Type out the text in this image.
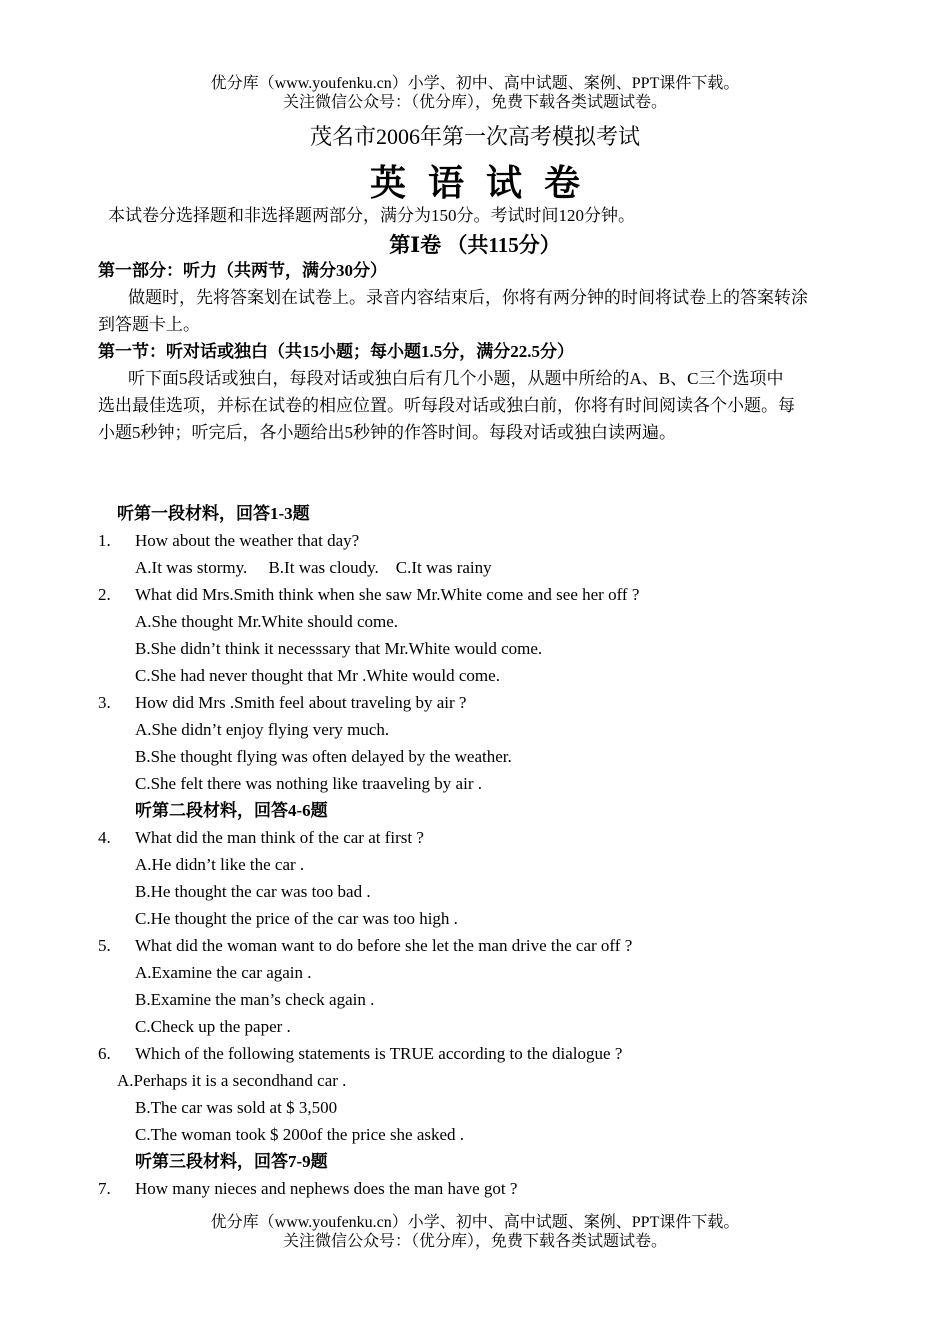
优分库（www.youfenku.cn）小学、初中、高中试题、案例、PPT课件下载。
关注微信公众号：（优分库），免费下载各类试题试卷。
茂名市2006年第一次高考模拟考试
英语试卷
本试卷分选择题和非选择题两部分，满分为150分。考试时间120分钟。
第Ⅰ卷 （共115分）
第一部分：听力（共两节，满分30分）
做题时，先将答案划在试卷上。录音内容结束后，你将有两分钟的时间将试卷上的答案转涂
到答题卡上。
第一节：听对话或独白（共15小题；每小题1.5分，满分22.5分）
听下面5段话或独白，每段对话或独白后有几个小题，从题中所给的A、B、C三个选项中
选出最佳选项，并标在试卷的相应位置。听每段对话或独白前，你将有时间阅读各个小题。每
小题5秒钟；听完后，各小题给出5秒钟的作答时间。每段对话或独白读两遍。
听第一段材料，回答1-3题
1. How about the weather that day?
A.It was stormy.     B.It was cloudy.    C.It was rainy
2. What did Mrs.Smith think when she saw Mr.White come and see her off ?
A.She thought Mr.White should come.
B.She didn’t think it necesssary that Mr.White would come.
C.She had never thought that Mr .White would come.
3. How did Mrs .Smith feel about traveling by air ?
A.She didn’t enjoy flying very much.
B.She thought flying was often delayed by the weather.
C.She felt there was nothing like traaveling by air .
听第二段材料，回答4-6题
4. What did the man think of the car at first ?
A.He didn’t like the car .
B.He thought the car was too bad .
C.He thought the price of the car was too high .
5. What did the woman want to do before she let the man drive the car off ?
A.Examine the car again .
B.Examine the man’s check again .
C.Check up the paper .
6. Which of the following statements is TRUE according to the dialogue ?
A.Perhaps it is a secondhand car .
B.The car was sold at $ 3,500
C.The woman took $ 200of the price she asked .
听第三段材料，回答7-9题
7. How many nieces and nephews does the man have got ?
优分库（www.youfenku.cn）小学、初中、高中试题、案例、PPT课件下载。
关注微信公众号：（优分库），免费下载各类试题试卷。
